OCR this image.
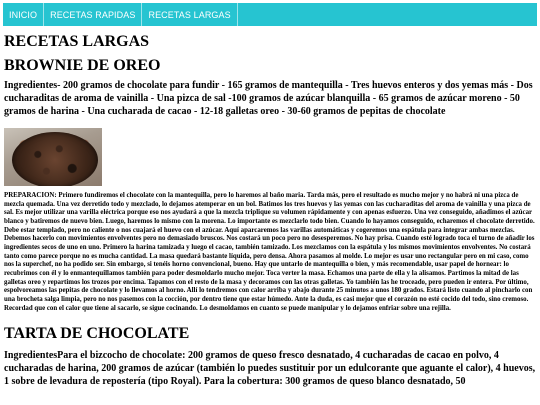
INICIO	RECETAS RAPIDAS	RECETAS LARGAS
RECETAS LARGAS
BROWNIE DE OREO

Ingredientes- 200 gramos de chocolate para fundir - 165 gramos de mantequilla - Tres huevos enteros y dos yemas más - Dos cucharaditas de aroma de vainilla - Una pizca de sal -100 gramos de azúcar blanquilla - 65 gramos de azúcar moreno - 50 gramos de harina - Una cucharada de cacao - 12-18 galletas oreo - 30-60 gramos de pepitas de chocolate

PREPARACION: Primero fundiremos el chocolate con la mantequilla, pero lo haremos al baño maria. Tarda más, pero el resultado es mucho mejor y no habrá ni una pizca de mezcla quemada. Una vez derretido todo y mezclado, lo dejamos atemperar en un bol. Batimos los tres huevos y las yemas con las cucharaditas del aroma de vainilla y una pizca de sal. Es mejor utilizar una varilla eléctrica porque eso nos ayudará a que la mezcla triplique su volumen rápidamente y con apenas esfuerzo. Una vez conseguido, añadimos el azúcar blanco y batiremos de nuevo bien. Luego, haremos lo mismo con la morena. Lo importante es mezclarlo todo bien. Cuando lo hayamos conseguido, echaremos el chocolate derretido. Debe estar templado, pero no caliente o nos cuajará el huevo con el azúcar. Aquí aparcaremos las varillas automáticas y cogeremos una espátula para integrar ambas mezclas. Debemos hacerlo con movimientos envolventes pero no demasiado bruscos. Nos costará un poco pero no desesperemos. No hay prisa. Cuando esté logrado toca el turno de añadir los ingredientes secos de uno en uno. Primero la harina tamizada y luego el cacao, también tamizado. Los mezclamos con la espátula y los mismos movimientos envolventes. No costará tanto como parece porque no es mucha cantidad. La masa quedará bastante líquida, pero densa. Ahora pasamos al molde. Lo mejor es usar uno rectangular pero en mi caso, como nos la superchef, no ha podido ser. Sin embargo, si tenéis horno convencional, bueno. Hay que untarlo de mantequilla o bien, y más recomendable, usar papel de hornear: lo recubrimos con él y lo enmantequillamos también para poder desmoldarlo mucho mejor. Toca verter la masa. Echamos una parte de ella y la alisamos. Partimos la mitad de las galletas oreo y repartimos los trozos por encima. Tapamos con el resto de la masa y decoramos con las otras galletas. Yo también las he troceado, pero pueden ir entera. Por último, espolvoreamos las pepitas de chocolate y lo llevamos al horno. Allí lo tendremos con calor arriba y abajo durante 25 minutos a unos 180 grados. Estará listo cuando al pincharlo con una brocheta salga limpia, pero no nos pasemos con la cocción, por dentro tiene que estar húmedo. Ante la duda, es casi mejor que el corazón no esté cocido del todo, sino cremoso. Recordad que con el calor que tiene al sacarlo, se sigue cocinando. Lo desmoldamos en cuanto se puede manipular y lo dejamos enfriar sobre una rejilla.

TARTA DE CHOCOLATE

IngredientesPara el bizcocho de chocolate: 200 gramos de queso fresco desnatado, 4 cucharadas de cacao en polvo, 4 cucharadas de harina, 200 gramos de azúcar (también lo puedes sustituir por un edulcorante que aguante el calor), 4 huevos, 1 sobre de levadura de repostería (tipo Royal). Para la cobertura: 300 gramos de queso blanco desnatado, 50
